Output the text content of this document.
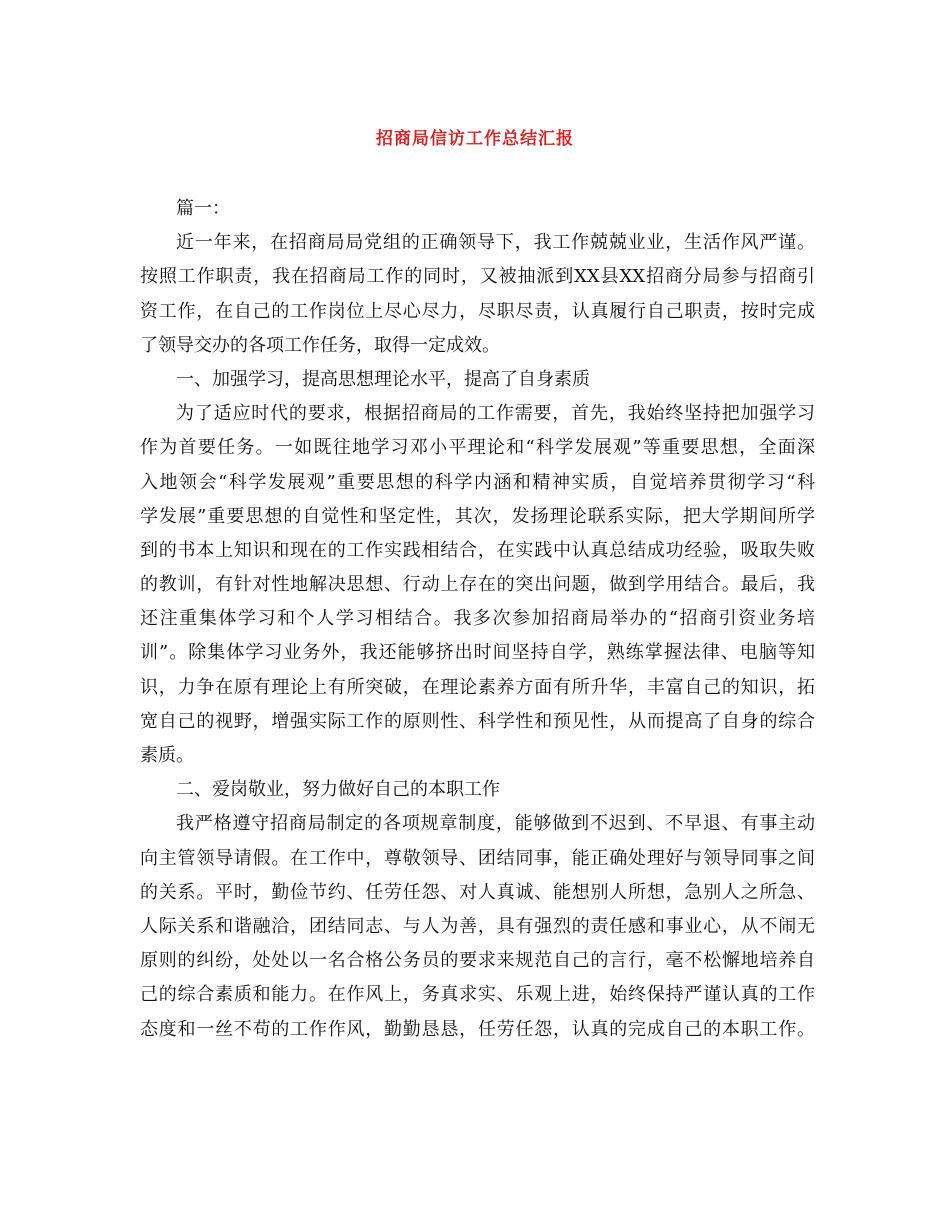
招商局信访工作总结汇报
篇一：
近一年来，在招商局局党组的正确领导下，我工作兢兢业业，生活作风严谨。
按照工作职责，我在招商局工作的同时，又被抽派到XX县XX招商分局参与招商引
资工作，在自己的工作岗位上尽心尽力，尽职尽责，认真履行自己职责，按时完成
了领导交办的各项工作任务，取得一定成效。
一、加强学习，提高思想理论水平，提高了自身素质
为了适应时代的要求，根据招商局的工作需要，首先，我始终坚持把加强学习
作为首要任务。一如既往地学习邓小平理论和“科学发展观”等重要思想，全面深
入地领会“科学发展观”重要思想的科学内涵和精神实质，自觉培养贯彻学习“科
学发展”重要思想的自觉性和坚定性，其次，发扬理论联系实际，把大学期间所学
到的书本上知识和现在的工作实践相结合，在实践中认真总结成功经验，吸取失败
的教训，有针对性地解决思想、行动上存在的突出问题，做到学用结合。最后，我
还注重集体学习和个人学习相结合。我多次参加招商局举办的“招商引资业务培
训”。除集体学习业务外，我还能够挤出时间坚持自学，熟练掌握法律、电脑等知
识，力争在原有理论上有所突破，在理论素养方面有所升华，丰富自己的知识，拓
宽自己的视野，增强实际工作的原则性、科学性和预见性，从而提高了自身的综合
素质。
二、爱岗敬业，努力做好自己的本职工作
我严格遵守招商局制定的各项规章制度，能够做到不迟到、不早退、有事主动
向主管领导请假。在工作中，尊敬领导、团结同事，能正确处理好与领导同事之间
的关系。平时，勤俭节约、任劳任怨、对人真诚、能想别人所想，急别人之所急、
人际关系和谐融洽，团结同志、与人为善，具有强烈的责任感和事业心，从不闹无
原则的纠纷，处处以一名合格公务员的要求来规范自己的言行，毫不松懈地培养自
己的综合素质和能力。在作风上，务真求实、乐观上进，始终保持严谨认真的工作
态度和一丝不苟的工作作风，勤勤恳恳，任劳任怨，认真的完成自己的本职工作。
